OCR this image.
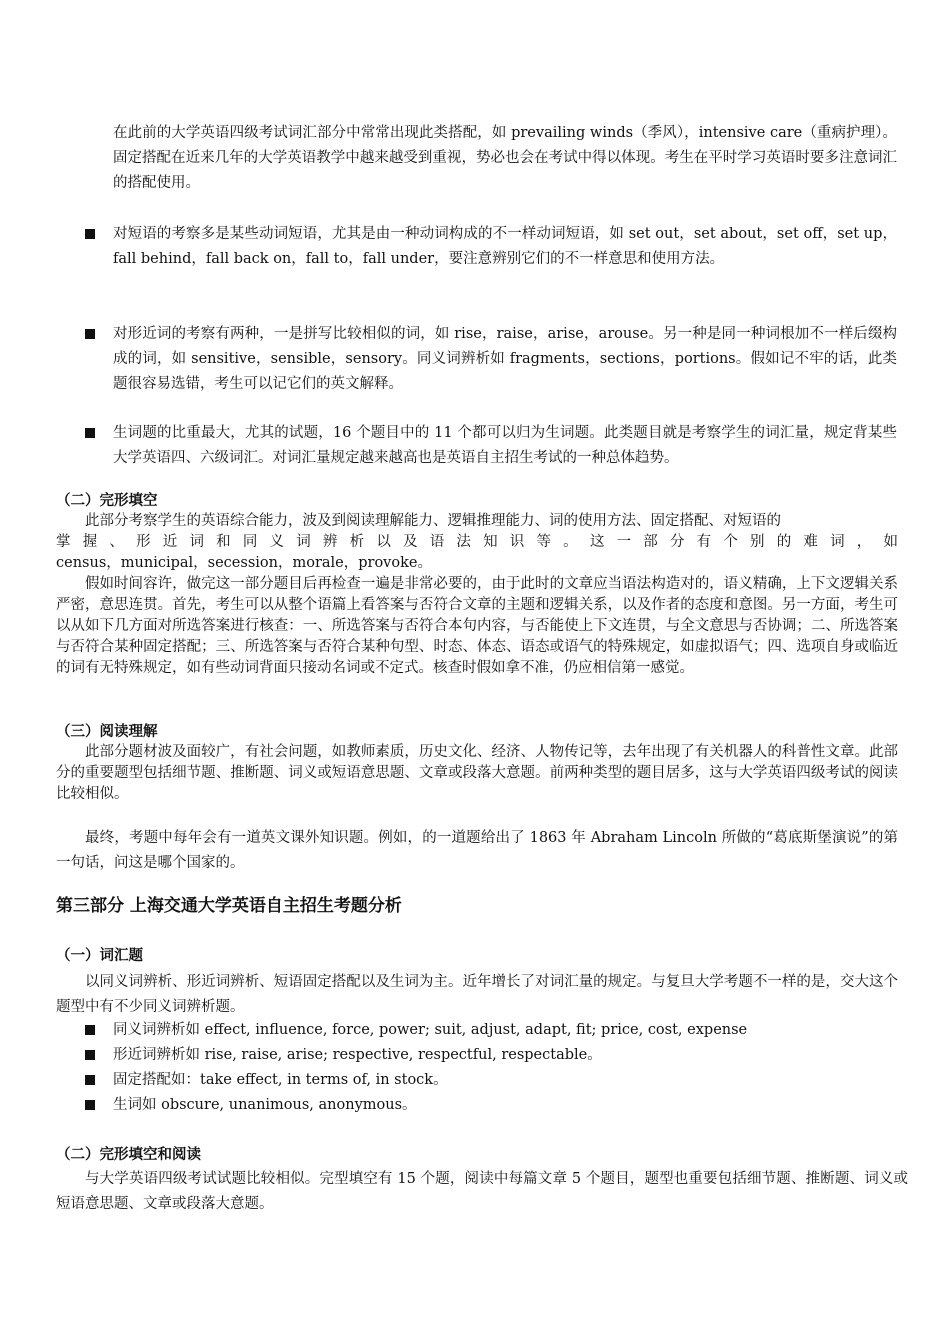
在此前的大学英语四级考试词汇部分中常常出现此类搭配，如 prevailing winds（季风），intensive care（重病护理）。固定搭配在近来几年的大学英语教学中越来越受到重视，势必也会在考试中得以体现。考生在平时学习英语时要多注意词汇的搭配使用。

对短语的考察多是某些动词短语，尤其是由一种动词构成的不一样动词短语，如 set out，set about，set off，set up，fall behind，fall back on，fall to，fall under，要注意辨别它们的不一样意思和使用方法。
对形近词的考察有两种，一是拼写比较相似的词，如 rise，raise，arise，arouse。另一种是同一种词根加不一样后缀构成的词，如 sensitive，sensible，sensory。同义词辨析如 fragments，sections，portions。假如记不牢的话，此类题很容易选错，考生可以记它们的英文解释。
生词题的比重最大，尤其的试题，16 个题目中的 11 个都可以归为生词题。此类题目就是考察学生的词汇量，规定背某些大学英语四、六级词汇。对词汇量规定越来越高也是英语自主招生考试的一种总体趋势。
（二）完形填空
此部分考察学生的英语综合能力，波及到阅读理解能力、逻辑推理能力、词的使用方法、固定搭配、对短语的
掌握、形近词和同义词辨析以及语法知识等。这一部分有个别的难词，如
census，municipal，secession，morale，provoke。

假如时间容许，做完这一部分题目后再检查一遍是非常必要的，由于此时的文章应当语法构造对的，语义精确，上下文逻辑关系严密，意思连贯。首先，考生可以从整个语篇上看答案与否符合文章的主题和逻辑关系，以及作者的态度和意图。另一方面，考生可以从如下几方面对所选答案进行核查：一、所选答案与否符合本句内容，与否能使上下文连贯，与全文意思与否协调；二、所选答案与否符合某种固定搭配；三、所选答案与否符合某种句型、时态、体态、语态或语气的特殊规定，如虚拟语气；四、选项自身或临近的词有无特殊规定，如有些动词背面只接动名词或不定式。核查时假如拿不准，仍应相信第一感觉。

（三）阅读理解

此部分题材波及面较广，有社会问题，如教师素质，历史文化、经济、人物传记等，去年出现了有关机器人的科普性文章。此部分的重要题型包括细节题、推断题、词义或短语意思题、文章或段落大意题。前两种类型的题目居多，这与大学英语四级考试的阅读比较相似。

最终，考题中每年会有一道英文课外知识题。例如，的一道题给出了 1863 年 Abraham Lincoln 所做的“葛底斯堡演说”的第一句话，问这是哪个国家的。

第三部分 上海交通大学英语自主招生考题分析
（一）词汇题

以同义词辨析、形近词辨析、短语固定搭配以及生词为主。近年增长了对词汇量的规定。与复旦大学考题不一样的是，交大这个题型中有不少同义词辨析题。

同义词辨析如 effect, influence, force, power; suit, adjust, adapt, fit; price, cost, expense
形近词辨析如 rise, raise, arise; respective, respectful, respectable。
固定搭配如：take effect, in terms of, in stock。
生词如 obscure, unanimous, anonymous。
（二）完形填空和阅读

与大学英语四级考试试题比较相似。完型填空有 15 个题，阅读中每篇文章 5 个题目，题型也重要包括细节题、推断题、词义或短语意思题、文章或段落大意题。
